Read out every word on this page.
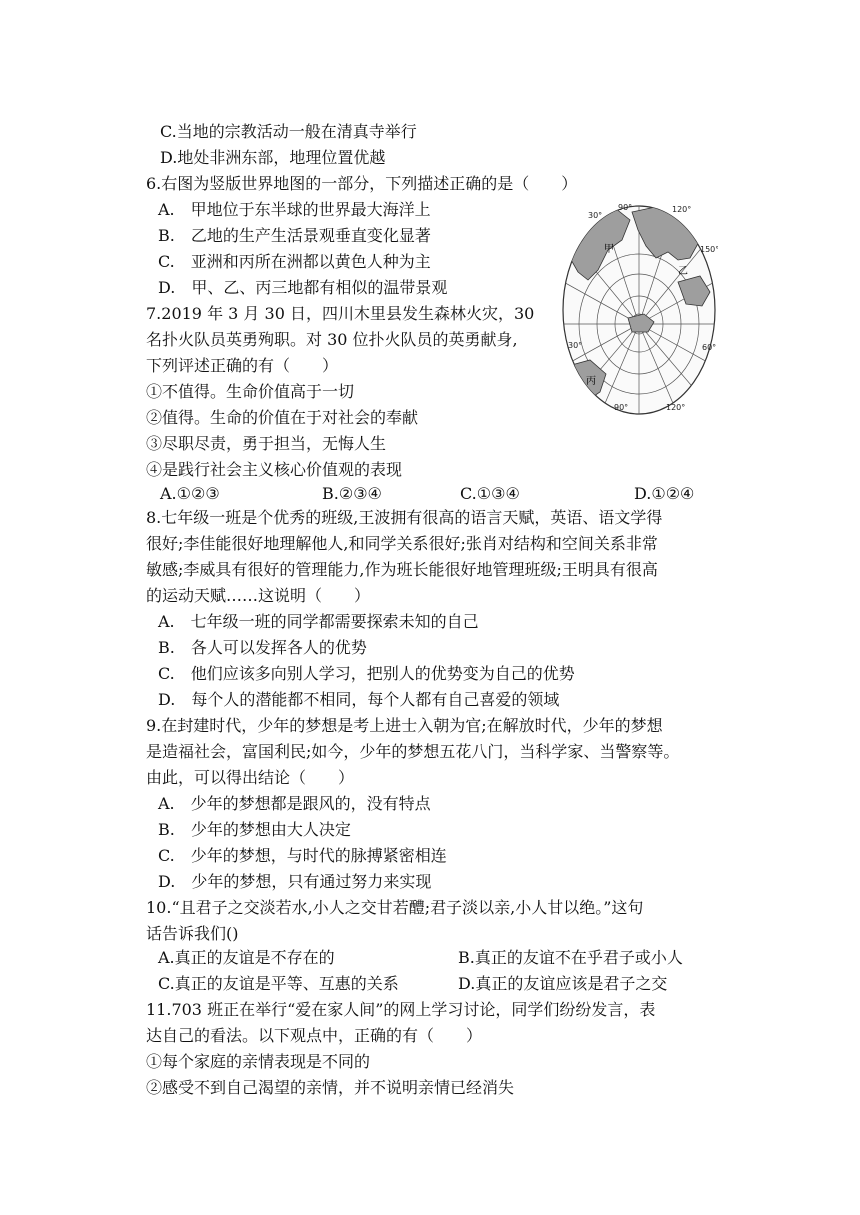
C.当地的宗教活动一般在清真寺举行
D.地处非洲东部，地理位置优越
6.右图为竖版世界地图的一部分，下列描述正确的是（　　）
A.　甲地位于东半球的世界最大海洋上
B.　乙地的生产生活景观垂直变化显著
C.　亚洲和丙所在洲都以黄色人种为主
D.　甲、乙、丙三地都有相似的温带景观
7.2019 年 3 月 30 日，四川木里县发生森林火灾，30
名扑火队员英勇殉职。对 30 位扑火队员的英勇献身,
下列评述正确的有（　　）
①不值得。生命价值高于一切
②值得。生命的价值在于对社会的奉献
③尽职尽责，勇于担当，无悔人生
④是践行社会主义核心价值观的表现
A.①②③	B.②③④	C.①③④	D.①②④
8.七年级一班是个优秀的班级,王波拥有很高的语言天赋，英语、语文学得
很好;李佳能很好地理解他人,和同学关系很好;张肖对结构和空间关系非常
敏感;李威具有很好的管理能力,作为班长能很好地管理班级;王明具有很高
的运动天赋……这说明（　　）
A.　七年级一班的同学都需要探索未知的自己
B.　各人可以发挥各人的优势
C.　他们应该多向别人学习，把别人的优势变为自己的优势
D.　每个人的潜能都不相同，每个人都有自己喜爱的领域
9.在封建时代，少年的梦想是考上进士入朝为官;在解放时代，少年的梦想
是造福社会，富国利民;如今，少年的梦想五花八门，当科学家、当警察等。
由此，可以得出结论（　　）
A.　少年的梦想都是跟风的，没有特点
B.　少年的梦想由大人决定
C.　少年的梦想，与时代的脉搏紧密相连
D.　少年的梦想，只有通过努力来实现
10.“且君子之交淡若水,小人之交甘若醴;君子淡以亲,小人甘以绝。”这句
话告诉我们()
A.真正的友谊是不存在的	B.真正的友谊不在乎君子或小人
C.真正的友谊是平等、互惠的关系	D.真正的友谊应该是君子之交
11.703 班正在举行“爱在家人间”的网上学习讨论，同学们纷纷发言，表
达自己的看法。以下观点中，正确的有（　　）
①每个家庭的亲情表现是不同的
②感受不到自己渴望的亲情，并不说明亲情已经消失
30°
90°	120°
150°
30°	60°
90°	120°
甲
乙
丙
